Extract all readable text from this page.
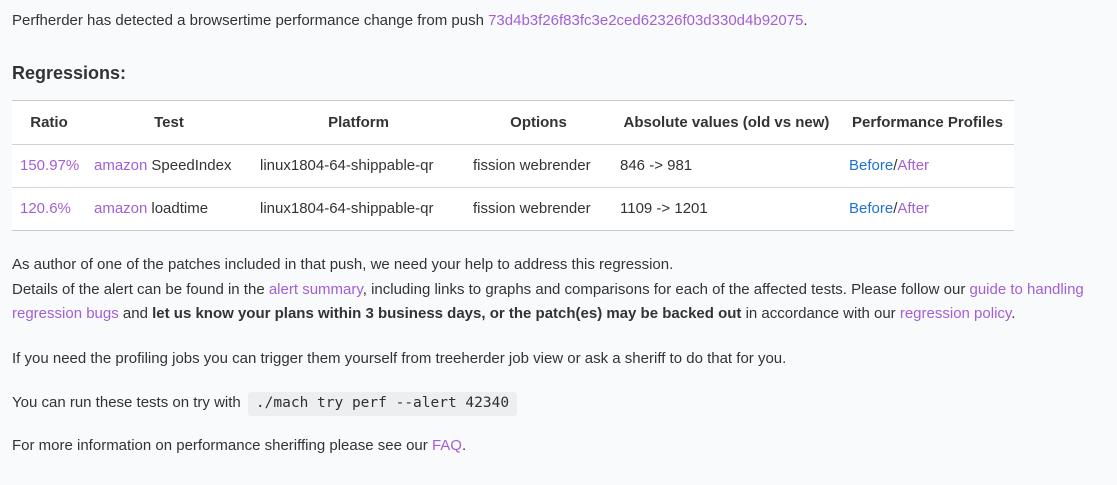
Perfherder has detected a browsertime performance change from push 73d4b3f26f83fc3e2ced62326f03d330d4b92075.

Regressions:
Ratio	Test	Platform	Options	Absolute values (old vs new)	Performance Profiles
150.97%	amazon SpeedIndex	linux1804-64-shippable-qr	fission webrender	846 -> 981	Before/After
120.6%	amazon loadtime	linux1804-64-shippable-qr	fission webrender	1109 -> 1201	Before/After

As author of one of the patches included in that push, we need your help to address this regression.
Details of the alert can be found in the alert summary, including links to graphs and comparisons for each of the affected tests. Please follow our guide to handling regression bugs and let us know your plans within 3 business days, or the patch(es) may be backed out in accordance with our regression policy.

If you need the profiling jobs you can trigger them yourself from treeherder job view or ask a sheriff to do that for you.

You can run these tests on try with ./mach try perf --alert 42340

For more information on performance sheriffing please see our FAQ.
